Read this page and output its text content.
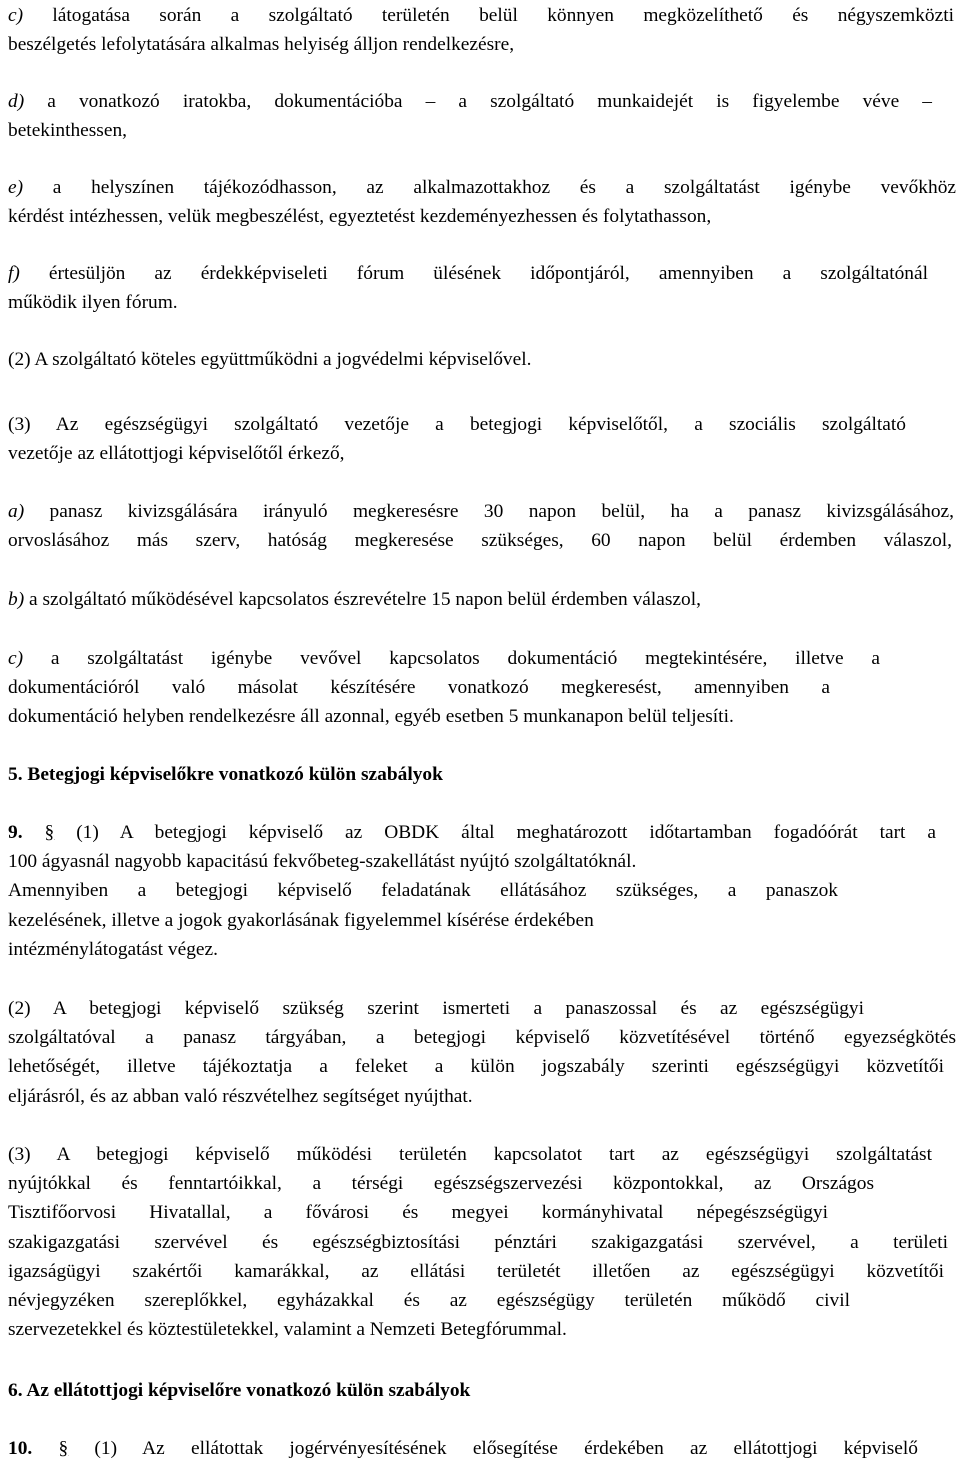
c) látogatása során a szolgáltató területén belül könnyen megközelíthető és négyszemközti
beszélgetés lefolytatására alkalmas helyiség álljon rendelkezésre,

d) a vonatkozó iratokba, dokumentációba – a szolgáltató munkaidejét is figyelembe véve –
betekinthessen,

e) a helyszínen tájékozódhasson, az alkalmazottakhoz és a szolgáltatást igénybe vevőkhöz
kérdést intézhessen, velük megbeszélést, egyeztetést kezdeményezhessen és folytathasson,

f) értesüljön az érdekképviseleti fórum ülésének időpontjáról, amennyiben a szolgáltatónál
működik ilyen fórum.

(2) A szolgáltató köteles együttműködni a jogvédelmi képviselővel.

(3) Az egészségügyi szolgáltató vezetője a betegjogi képviselőtől, a szociális szolgáltató
vezetője az ellátottjogi képviselőtől érkező,

a) panasz kivizsgálására irányuló megkeresésre 30 napon belül, ha a panasz kivizsgálásához,
orvoslásához más szerv, hatóság megkeresése szükséges, 60 napon belül érdemben válaszol,

b) a szolgáltató működésével kapcsolatos észrevételre 15 napon belül érdemben válaszol,

c) a szolgáltatást igénybe vevővel kapcsolatos dokumentáció megtekintésére, illetve a
dokumentációról való másolat készítésére vonatkozó megkeresést, amennyiben a
dokumentáció helyben rendelkezésre áll azonnal, egyéb esetben 5 munkanapon belül teljesíti.

5. Betegjogi képviselőkre vonatkozó külön szabályok

9. § (1) A betegjogi képviselő az OBDK által meghatározott időtartamban fogadóórát tart a
100 ágyasnál nagyobb kapacitású fekvőbeteg-szakellátást nyújtó szolgáltatóknál.
Amennyiben a betegjogi képviselő feladatának ellátásához szükséges, a panaszok
kezelésének, illetve a jogok gyakorlásának figyelemmel kísérése érdekében
intézménylátogatást végez.

(2) A betegjogi képviselő szükség szerint ismerteti a panaszossal és az egészségügyi
szolgáltatóval a panasz tárgyában, a betegjogi képviselő közvetítésével történő egyezségkötés
lehetőségét, illetve tájékoztatja a feleket a külön jogszabály szerinti egészségügyi közvetítői
eljárásról, és az abban való részvételhez segítséget nyújthat.

(3) A betegjogi képviselő működési területén kapcsolatot tart az egészségügyi szolgáltatást
nyújtókkal és fenntartóikkal, a térségi egészségszervezési központokkal, az Országos
Tisztifőorvosi Hivatallal, a fővárosi és megyei kormányhivatal népegészségügyi
szakigazgatási szervével és egészségbiztosítási pénztári szakigazgatási szervével, a területi
igazságügyi szakértői kamarákkal, az ellátási területét illetően az egészségügyi közvetítői
névjegyzéken szereplőkkel, egyházakkal és az egészségügy területén működő civil
szervezetekkel és köztestületekkel, valamint a Nemzeti Betegfórummal.

6. Az ellátottjogi képviselőre vonatkozó külön szabályok

10. § (1) Az ellátottak jogérvényesítésének elősegítése érdekében az ellátottjogi képviselő
